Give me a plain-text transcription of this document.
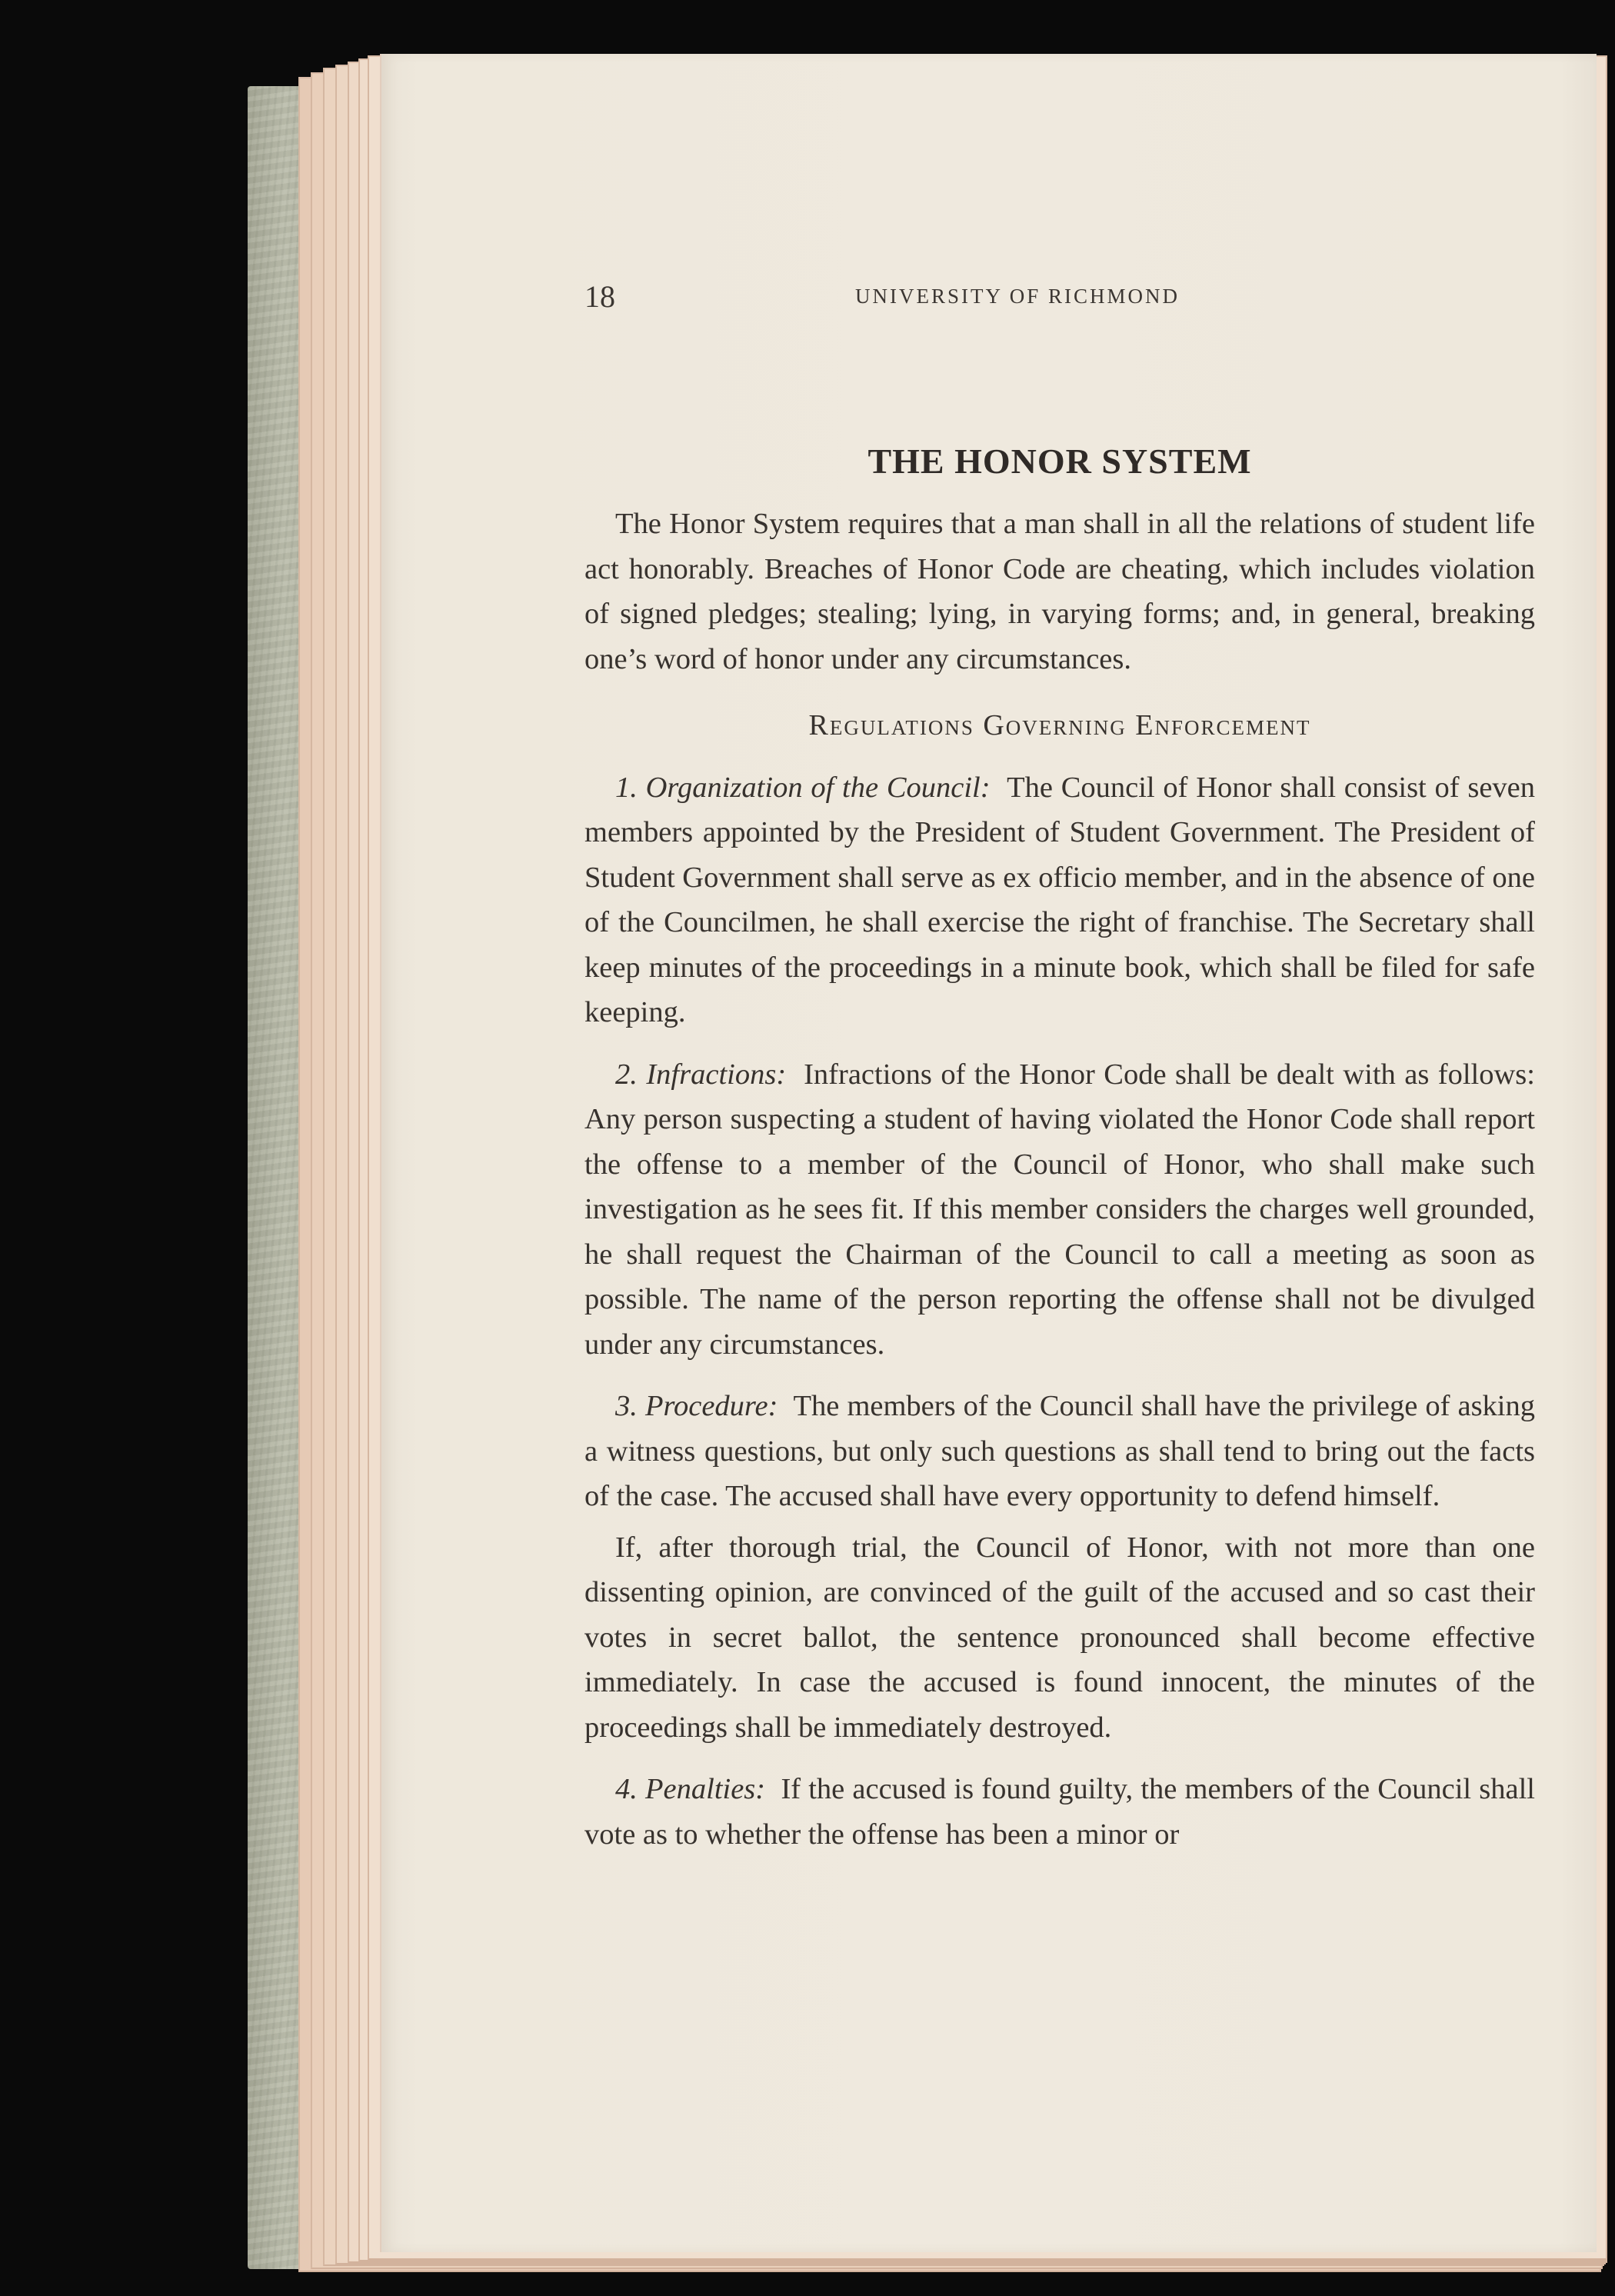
18	UNIVERSITY OF RICHMOND
THE HONOR SYSTEM

The Honor System requires that a man shall in all the relations of student life act honorably. Breaches of Honor Code are cheating, which includes violation of signed pledges; stealing; lying, in varying forms; and, in general, breaking one’s word of honor under any circumstances.

Regulations Governing Enforcement

1. Organization of the Council: The Council of Honor shall consist of seven members appointed by the President of Student Government. The President of Student Government shall serve as ex officio member, and in the absence of one of the Councilmen, he shall exercise the right of franchise. The Secretary shall keep minutes of the proceedings in a minute book, which shall be filed for safe keeping.

2. Infractions: Infractions of the Honor Code shall be dealt with as follows: Any person suspecting a student of having violated the Honor Code shall report the offense to a member of the Council of Honor, who shall make such investigation as he sees fit. If this member considers the charges well grounded, he shall request the Chairman of the Council to call a meeting as soon as possible. The name of the person reporting the offense shall not be divulged under any circumstances.

3. Procedure: The members of the Council shall have the privilege of asking a witness questions, but only such questions as shall tend to bring out the facts of the case. The accused shall have every opportunity to defend himself.

If, after thorough trial, the Council of Honor, with not more than one dissenting opinion, are convinced of the guilt of the accused and so cast their votes in secret ballot, the sentence pronounced shall become effective immediately. In case the accused is found innocent, the minutes of the proceedings shall be immediately destroyed.

4. Penalties: If the accused is found guilty, the members of the Council shall vote as to whether the offense has been a minor or
